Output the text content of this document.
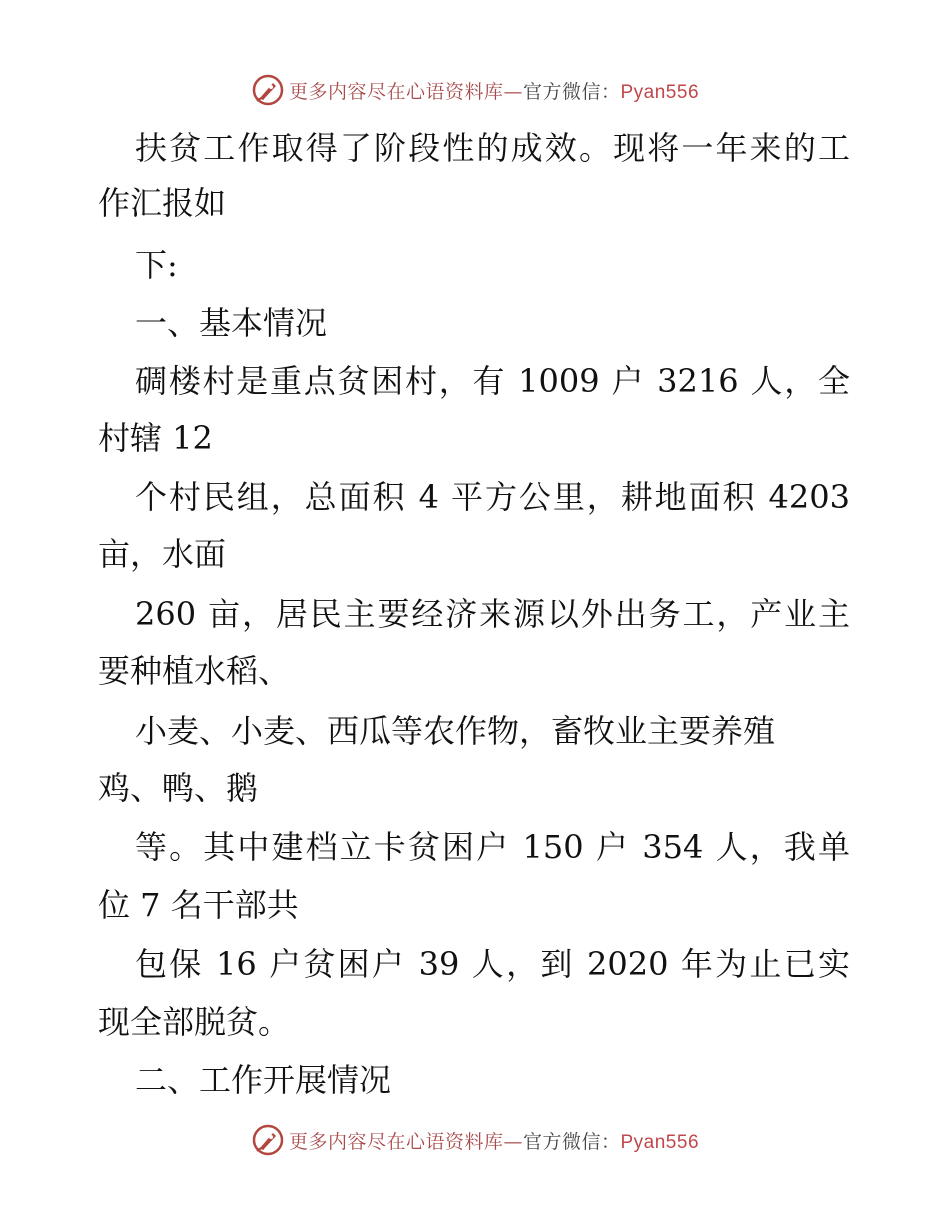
更多内容尽在心语资料库—官方微信：Pyan556
扶贫工作取得了阶段性的成效。现将一年来的工
作汇报如
下:
一、基本情况
碉楼村是重点贫困村，有 1009 户 3216 人，全
村辖 12
个村民组，总面积 4 平方公里，耕地面积 4203
亩，水面
260 亩，居民主要经济来源以外出务工，产业主
要种植水稻、
小麦、小麦、西瓜等农作物，畜牧业主要养殖
鸡、鸭、鹅
等。其中建档立卡贫困户 150 户 354 人，我单
位 7 名干部共
包保 16 户贫困户 39 人，到 2020 年为止已实
现全部脱贫。
二、工作开展情况
更多内容尽在心语资料库—官方微信：Pyan556
